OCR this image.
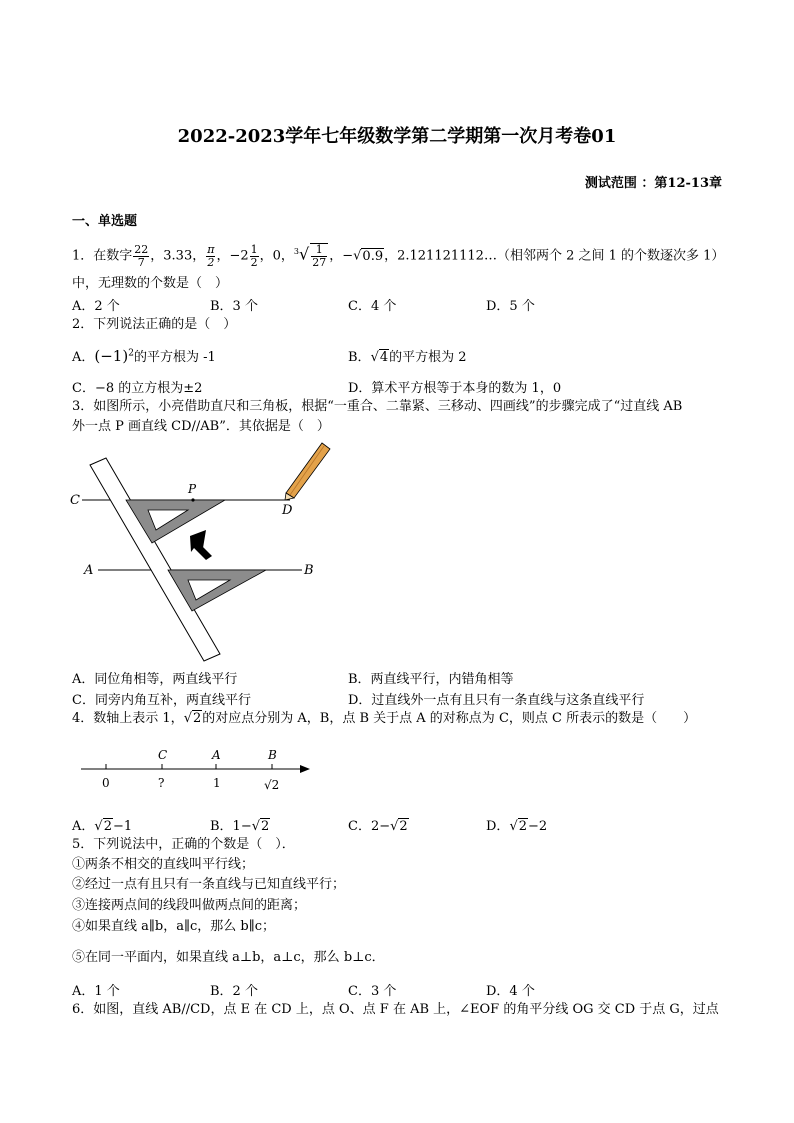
2022-2023学年七年级数学第二学期第一次月考卷01
测试范围 ：第12-13章
一、单选题
1．在数字 $\frac{22}{7}$ ，3.33， $\frac{\pi}{2}$ ，$-2 \frac{1}{2}$ ，0，$^3√ \frac{1}{27}$ ，−√0.9，2.121121112…（相邻两个 2 之间 1 的个数逐次多 1）
中，无理数的个数是（　）
A．2 个	B．3 个	C．4 个	D．5 个
2．下列说法正确的是（　）
A．$(-1)^2$的平方根为 -1	B．√4的平方根为 2
C．−8 的立方根为±2	D．算术平方根等于本身的数为 1，0
3．如图所示，小亮借助直尺和三角板，根据“一重合、二靠紧、三移动、四画线”的步骤完成了“过直线 AB
外一点 P 画直线 CD//AB”．其依据是（　）
C
P
D
A	B
A．同位角相等，两直线平行	B．两直线平行，内错角相等
C．同旁内角互补，两直线平行	D．过直线外一点有且只有一条直线与这条直线平行
4．数轴上表示 1，√2的对应点分别为 A，B，点 B 关于点 A 的对称点为 C，则点 C 所表示的数是（　　）
C	A	B
0	?	1	√2
A．√2−1	B．1−√2	C．2−√2	D．√2−2
5．下列说法中，正确的个数是（　）．
①两条不相交的直线叫平行线；
②经过一点有且只有一条直线与已知直线平行；
③连接两点间的线段叫做两点间的距离；
④如果直线 a∥b，a∥c，那么 b∥c；
⑤在同一平面内，如果直线 a⊥b，a⊥c，那么 b⊥c．
A．1 个	B．2 个	C．3 个	D．4 个
6．如图，直线 AB//CD，点 E 在 CD 上，点 O、点 F 在 AB 上，∠EOF 的角平分线 OG 交 CD 于点 G，过点
